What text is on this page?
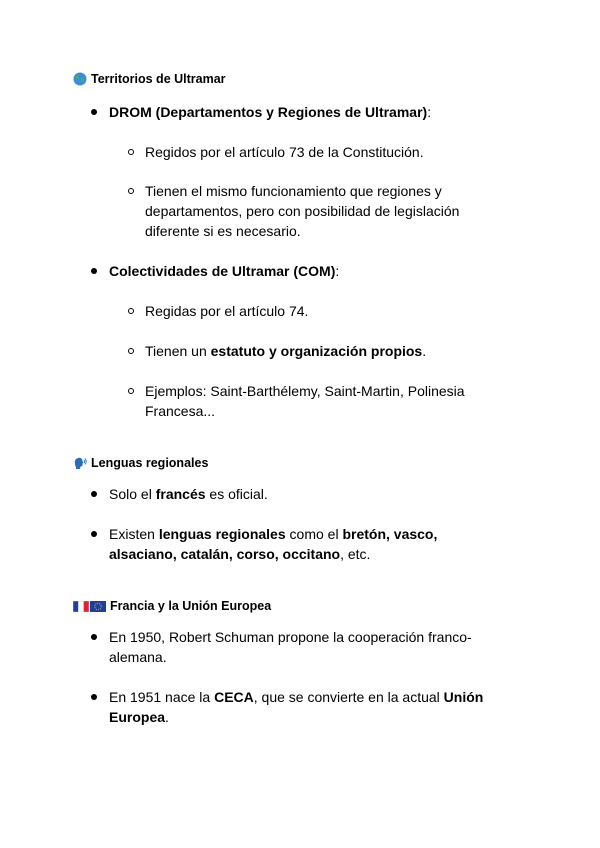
Territorios de Ultramar
DROM (Departamentos y Regiones de Ultramar):
Regidos por el artículo 73 de la Constitución.
Tienen el mismo funcionamiento que regiones y departamentos, pero con posibilidad de legislación diferente si es necesario.
Colectividades de Ultramar (COM):
Regidas por el artículo 74.
Tienen un estatuto y organización propios.
Ejemplos: Saint-Barthélemy, Saint-Martin, Polinesia Francesa...
Lenguas regionales
Solo el francés es oficial.
Existen lenguas regionales como el bretón, vasco, alsaciano, catalán, corso, occitano, etc.
Francia y la Unión Europea
En 1950, Robert Schuman propone la cooperación franco-alemana.
En 1951 nace la CECA, que se convierte en la actual Unión Europea.
